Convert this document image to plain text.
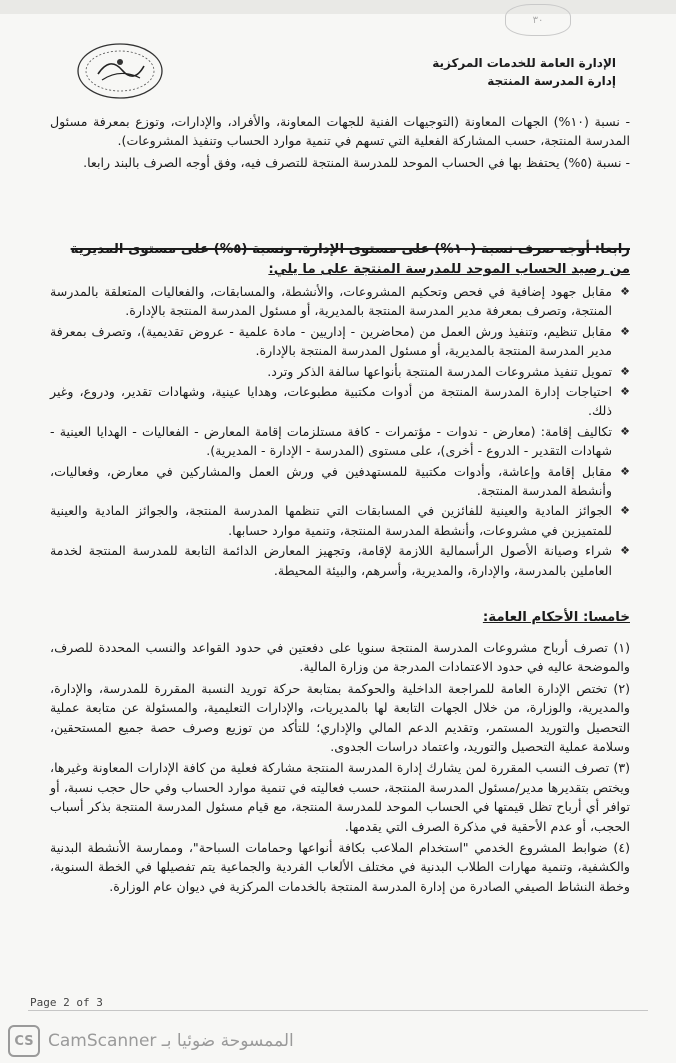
٣٠
الإدارة العامة للخدمات المركزية
إدارة المدرسة المنتجة

- نسبة (١٠%) الجهات المعاونة (التوجيهات الفنية للجهات المعاونة، والأفراد، والإدارات، وتوزع بمعرفة مسئول المدرسة المنتجة، حسب المشاركة الفعلية التي تسهم في تنمية موارد الحساب وتنفيذ المشروعات).

- نسبة (٥%) يحتفظ بها في الحساب الموحد للمدرسة المنتجة للتصرف فيه، وفق أوجه الصرف بالبند رابعا.

رابعا: أوجه صرف نسبة (١٠%) على مستوى الإدارة، ونسبة (٥%) على مستوى المديرية
من رصيد الحساب الموحد للمدرسة المنتجة على ما يلي:
❖ مقابل جهود إضافية في فحص وتحكيم المشروعات، والأنشطة، والمسابقات، والفعاليات المتعلقة بالمدرسة المنتجة، وتصرف بمعرفة مدير المدرسة المنتجة بالمديرية، أو مسئول المدرسة المنتجة بالإدارة.
❖ مقابل تنظيم، وتنفيذ ورش العمل من (محاضرين - إداريين - مادة علمية - عروض تقديمية)، وتصرف بمعرفة مدير المدرسة المنتجة بالمديرية، أو مسئول المدرسة المنتجة بالإدارة.
❖ تمويل تنفيذ مشروعات المدرسة المنتجة بأنواعها سالفة الذكر وترد.
❖ احتياجات إدارة المدرسة المنتجة من أدوات مكتبية مطبوعات، وهدايا عينية، وشهادات تقدير، ودروع، وغير ذلك.
❖ تكاليف إقامة: (معارض - ندوات - مؤتمرات - كافة مستلزمات إقامة المعارض - الفعاليات - الهدايا العينية - شهادات التقدير - الدروع - أخرى)، على مستوى (المدرسة - الإدارة - المديرية).
❖ مقابل إقامة وإعاشة، وأدوات مكتبية للمستهدفين في ورش العمل والمشاركين في معارض، وفعاليات، وأنشطة المدرسة المنتجة.
❖ الجوائز المادية والعينية للفائزين في المسابقات التي تنظمها المدرسة المنتجة، والجوائز المادية والعينية للمتميزين في مشروعات، وأنشطة المدرسة المنتجة، وتنمية موارد حسابها.
❖ شراء وصيانة الأصول الرأسمالية اللازمة لإقامة، وتجهيز المعارض الدائمة التابعة للمدرسة المنتجة لخدمة العاملين بالمدرسة، والإدارة، والمديرية، وأسرهم، والبيئة المحيطة.
خامسا: الأحكام العامة:
(١) تصرف أرباح مشروعات المدرسة المنتجة سنويا على دفعتين في حدود القواعد والنسب المحددة للصرف، والموضحة عاليه في حدود الاعتمادات المدرجة من وزارة المالية.
(٢) تختص الإدارة العامة للمراجعة الداخلية والحوكمة بمتابعة حركة توريد النسبة المقررة للمدرسة، والإدارة، والمديرية، والوزارة، من خلال الجهات التابعة لها بالمديريات، والإدارات التعليمية، والمسئولة عن متابعة عملية التحصيل والتوريد المستمر، وتقديم الدعم المالي والإداري؛ للتأكد من توزيع وصرف حصة جميع المستحقين، وسلامة عملية التحصيل والتوريد، واعتماد دراسات الجدوى.
(٣) تصرف النسب المقررة لمن يشارك إدارة المدرسة المنتجة مشاركة فعلية من كافة الإدارات المعاونة وغيرها، ويختص بتقديرها مدير/مسئول المدرسة المنتجة، حسب فعاليته في تنمية موارد الحساب وفي حال حجب نسبة، أو توافر أي أرباح تظل قيمتها في الحساب الموحد للمدرسة المنتجة، مع قيام مسئول المدرسة المنتجة بذكر أسباب الحجب، أو عدم الأحقية في مذكرة الصرف التي يقدمها.
(٤) ضوابط المشروع الخدمي "استخدام الملاعب بكافة أنواعها وحمامات السباحة"، وممارسة الأنشطة البدنية والكشفية، وتنمية مهارات الطلاب البدنية في مختلف الألعاب الفردية والجماعية يتم تفصيلها في الخطة السنوية، وخطة النشاط الصيفي الصادرة من إدارة المدرسة المنتجة بالخدمات المركزية في ديوان عام الوزارة.
Page 2 of 3
CS الممسوحة ضوئيا بـ CamScanner
